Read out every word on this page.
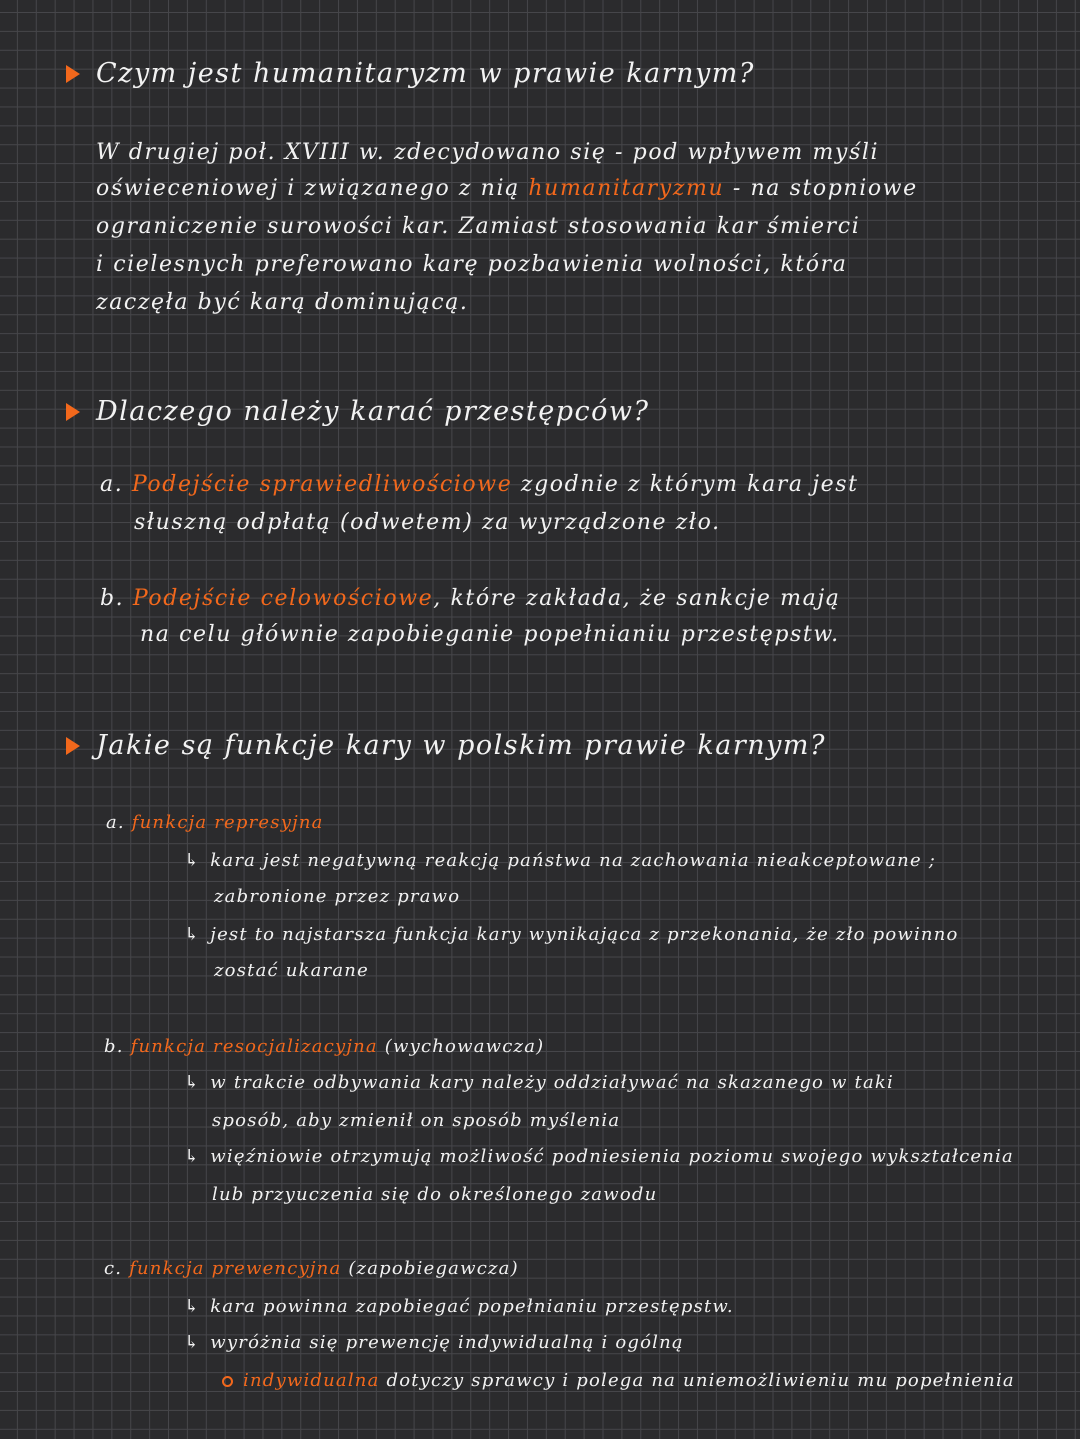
Czym jest humanitaryzm w prawie karnym?
W drugiej poł. XVIII w. zdecydowano się - pod wpływem myśli
oświeceniowej i związanego z nią humanitaryzmu - na stopniowe
ograniczenie surowości kar. Zamiast stosowania kar śmierci
i cielesnych preferowano karę pozbawienia wolności, która
zaczęła być karą dominującą.
Dlaczego należy karać przestępców?
a. Podejście sprawiedliwościowe zgodnie z którym kara jest
słuszną odpłatą (odwetem) za wyrządzone zło.
b. Podejście celowościowe, które zakłada, że sankcje mają
na celu głównie zapobieganie popełnianiu przestępstw.
Jakie są funkcje kary w polskim prawie karnym?
a. funkcja represyjna
↳ kara jest negatywną reakcją państwa na zachowania nieakceptowane ;
zabronione przez prawo
↳ jest to najstarsza funkcja kary wynikająca z przekonania, że zło powinno
zostać ukarane
b. funkcja resocjalizacyjna (wychowawcza)
↳ w trakcie odbywania kary należy oddziaływać na skazanego w taki
sposób, aby zmienił on sposób myślenia
↳ więźniowie otrzymują możliwość podniesienia poziomu swojego wykształcenia
lub przyuczenia się do określonego zawodu
c. funkcja prewencyjna (zapobiegawcza)
↳ kara powinna zapobiegać popełnianiu przestępstw.
↳ wyróżnia się prewencję indywidualną i ogólną
indywidualna dotyczy sprawcy i polega na uniemożliwieniu mu popełnienia
